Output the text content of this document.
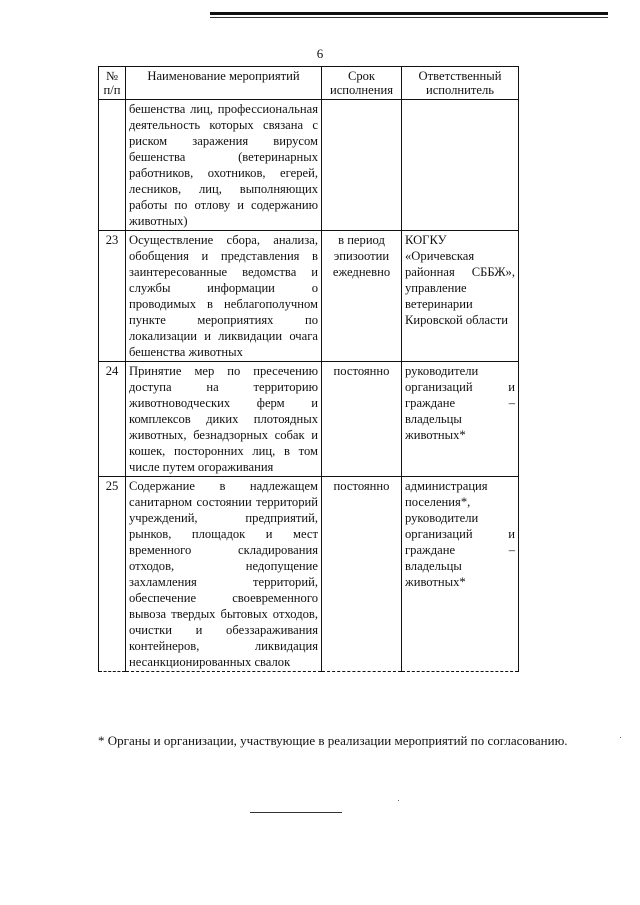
6
№ п/п	Наименование мероприятий	Срок исполнения	Ответственный исполнитель
	бешенства лиц, профессиональная деятельность которых связана с риском заражения вирусом бешенства (ветеринарных работников, охотников, егерей, лесников, лиц, выполняющих работы по отлову и содержанию животных)		
23	Осуществление сбора, анализа, обобщения и представления в заинтересованные ведомства и службы информации о проводимых в неблагополучном пункте мероприятиях по локализации и ликвидации очага бешенства животных	в период эпизоотии ежедневно	КОГКУ «Оричевская районная СББЖ», управление ветеринарии Кировской области
24	Принятие мер по пресечению доступа на территорию животноводческих ферм и комплексов диких плотоядных животных, безнадзорных собак и кошек, посторонних лиц, в том числе путем огораживания	постоянно	руководители организаций и граждане – владельцы животных*
25	Содержание в надлежащем санитарном состоянии территорий учреждений, предприятий, рынков, площадок и мест временного складирования отходов, недопущение захламления территорий, обеспечение своевременного вывоза твердых бытовых отходов, очистки и обеззараживания контейнеров, ликвидация несанкционированных свалок	постоянно	администрация поселения*, руководители организаций и граждане – владельцы животных*
* Органы и организации, участвующие в реализации мероприятий по согласованию.
